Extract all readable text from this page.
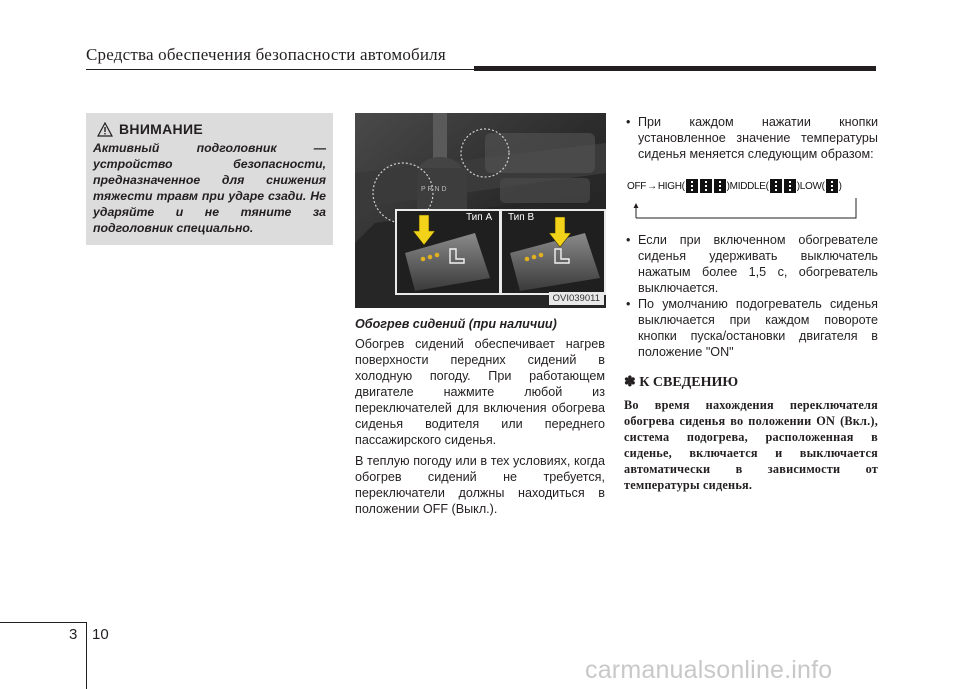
Средства обеспечения безопасности автомобиля
ВНИМАНИЕ
Активный подголовник — устройство безопасности, предназначенное для снижения тяжести травм при ударе сзади. Не ударяйте и не тяните за подголовник специально.
P R N D
Тип A Тип B
OVI039011
Обогрев сидений (при наличии)

Обогрев сидений обеспечивает нагрев поверхности передних сидений в холодную погоду. При работающем двигателе нажмите любой из переключателей для включения обогрева сиденья водителя или переднего пассажирского сиденья.

В теплую погоду или в тех условиях, когда обогрев сидений не требуется, переключатели должны находиться в положении OFF (Выкл.).

• При каждом нажатии кнопки установленное значение температуры сиденья меняется следующим образом:
OFF → HIGH(	)MIDDLE(	)LOW( )
• Если при включенном обогревателе сиденья удерживать выключатель нажатым более 1,5 с, обогреватель выключается.
• По умолчанию подогреватель сиденья выключается при каждом повороте кнопки пуска/остановки двигателя в положение "ON"
✽ К СВЕДЕНИЮ
Во время нахождения переключателя обогрева сиденья во положении ON (Вкл.), система подогрева, расположенная в сиденье, включается и выключается автоматически в зависимости от температуры сиденья.
3 10
carmanualsonline.info
